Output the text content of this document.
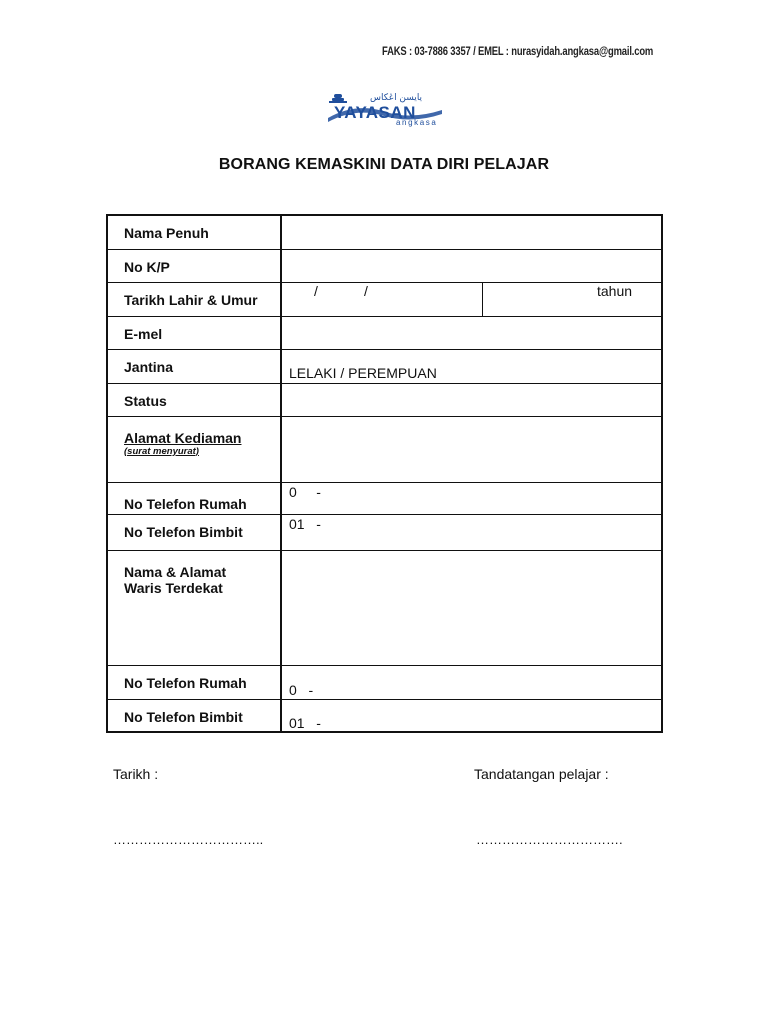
FAKS : 03-7886 3357 / EMEL : nurasyidah.angkasa@gmail.com
يايسن اڠكاس
YAYASAN
angkasa
BORANG KEMASKINI DATA DIRI PELAJAR
Nama Penuh	

No K/P	

Tarikh Lahir & Umur	/ / tahun

E-mel	

Jantina	LELAKI / PEREMPUAN

Status	

Alamat Kediaman
(surat menyurat)	

No Telefon Rumah	0     -

No Telefon Bimbit	01   -

Nama & Alamat
Waris Terdekat	

No Telefon Rumah	0   -

No Telefon Bimbit	01   -
Tarikh :	Tandatangan pelajar :
……………………………..	…………………………….
